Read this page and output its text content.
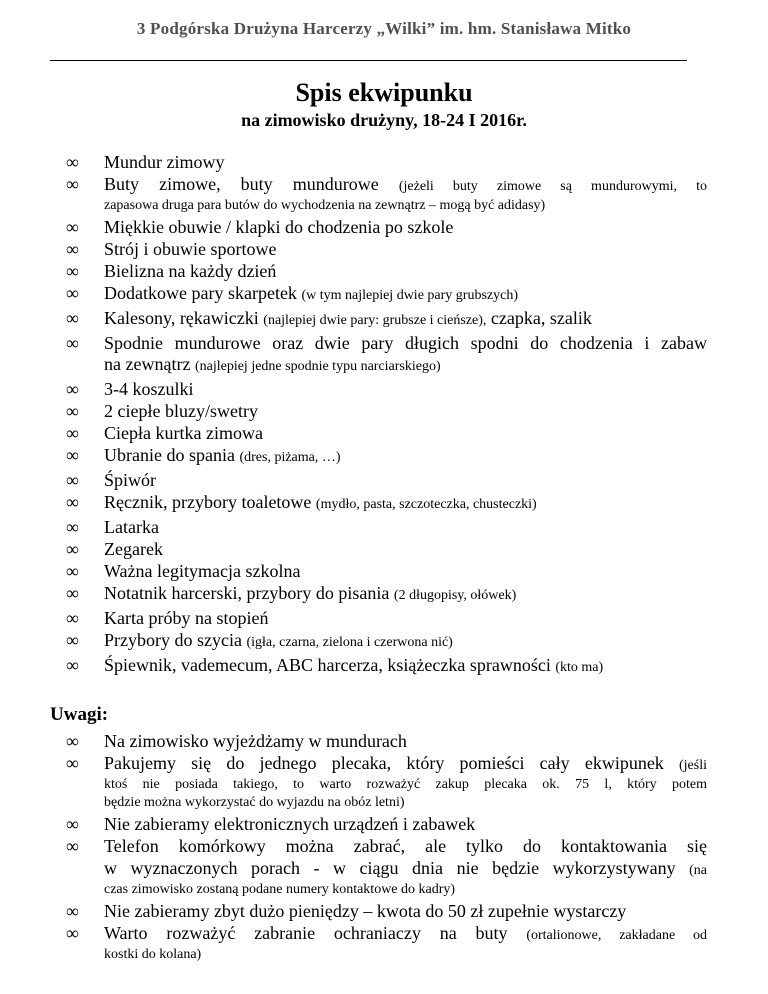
3 Podgórska Drużyna Harcerzy „Wilki” im. hm. Stanisława Mitko
Spis ekwipunku
na zimowisko drużyny, 18-24 I 2016r.
∞ Mundur zimowy
∞ Buty zimowe, buty mundurowe (jeżeli buty zimowe są mundurowymi, to
zapasowa druga para butów do wychodzenia na zewnątrz – mogą być adidasy)
∞ Miękkie obuwie / klapki do chodzenia po szkole
∞ Strój i obuwie sportowe
∞ Bielizna na każdy dzień
∞ Dodatkowe pary skarpetek (w tym najlepiej dwie pary grubszych)
∞ Kalesony, rękawiczki (najlepiej dwie pary: grubsze i cieńsze), czapka, szalik
∞ Spodnie mundurowe oraz dwie pary długich spodni do chodzenia i zabaw
na zewnątrz (najlepiej jedne spodnie typu narciarskiego)
∞ 3-4 koszulki
∞ 2 ciepłe bluzy/swetry
∞ Ciepła kurtka zimowa
∞ Ubranie do spania (dres, piżama, …)
∞ Śpiwór
∞ Ręcznik, przybory toaletowe (mydło, pasta, szczoteczka, chusteczki)
∞ Latarka
∞ Zegarek
∞ Ważna legitymacja szkolna
∞ Notatnik harcerski, przybory do pisania (2 długopisy, ołówek)
∞ Karta próby na stopień
∞ Przybory do szycia (igła, czarna, zielona i czerwona nić)
∞ Śpiewnik, vademecum, ABC harcerza, książeczka sprawności (kto ma)
Uwagi:
∞ Na zimowisko wyjeżdżamy w mundurach
∞ Pakujemy się do jednego plecaka, który pomieści cały ekwipunek (jeśli
ktoś nie posiada takiego, to warto rozważyć zakup plecaka ok. 75 l, który potem
będzie można wykorzystać do wyjazdu na obóz letni)
∞ Nie zabieramy elektronicznych urządzeń i zabawek
∞ Telefon komórkowy można zabrać, ale tylko do kontaktowania się
w wyznaczonych porach - w ciągu dnia nie będzie wykorzystywany (na
czas zimowisko zostaną podane numery kontaktowe do kadry)
∞ Nie zabieramy zbyt dużo pieniędzy – kwota do 50 zł zupełnie wystarczy
∞ Warto rozważyć zabranie ochraniaczy na buty (ortalionowe, zakładane od
kostki do kolana)
